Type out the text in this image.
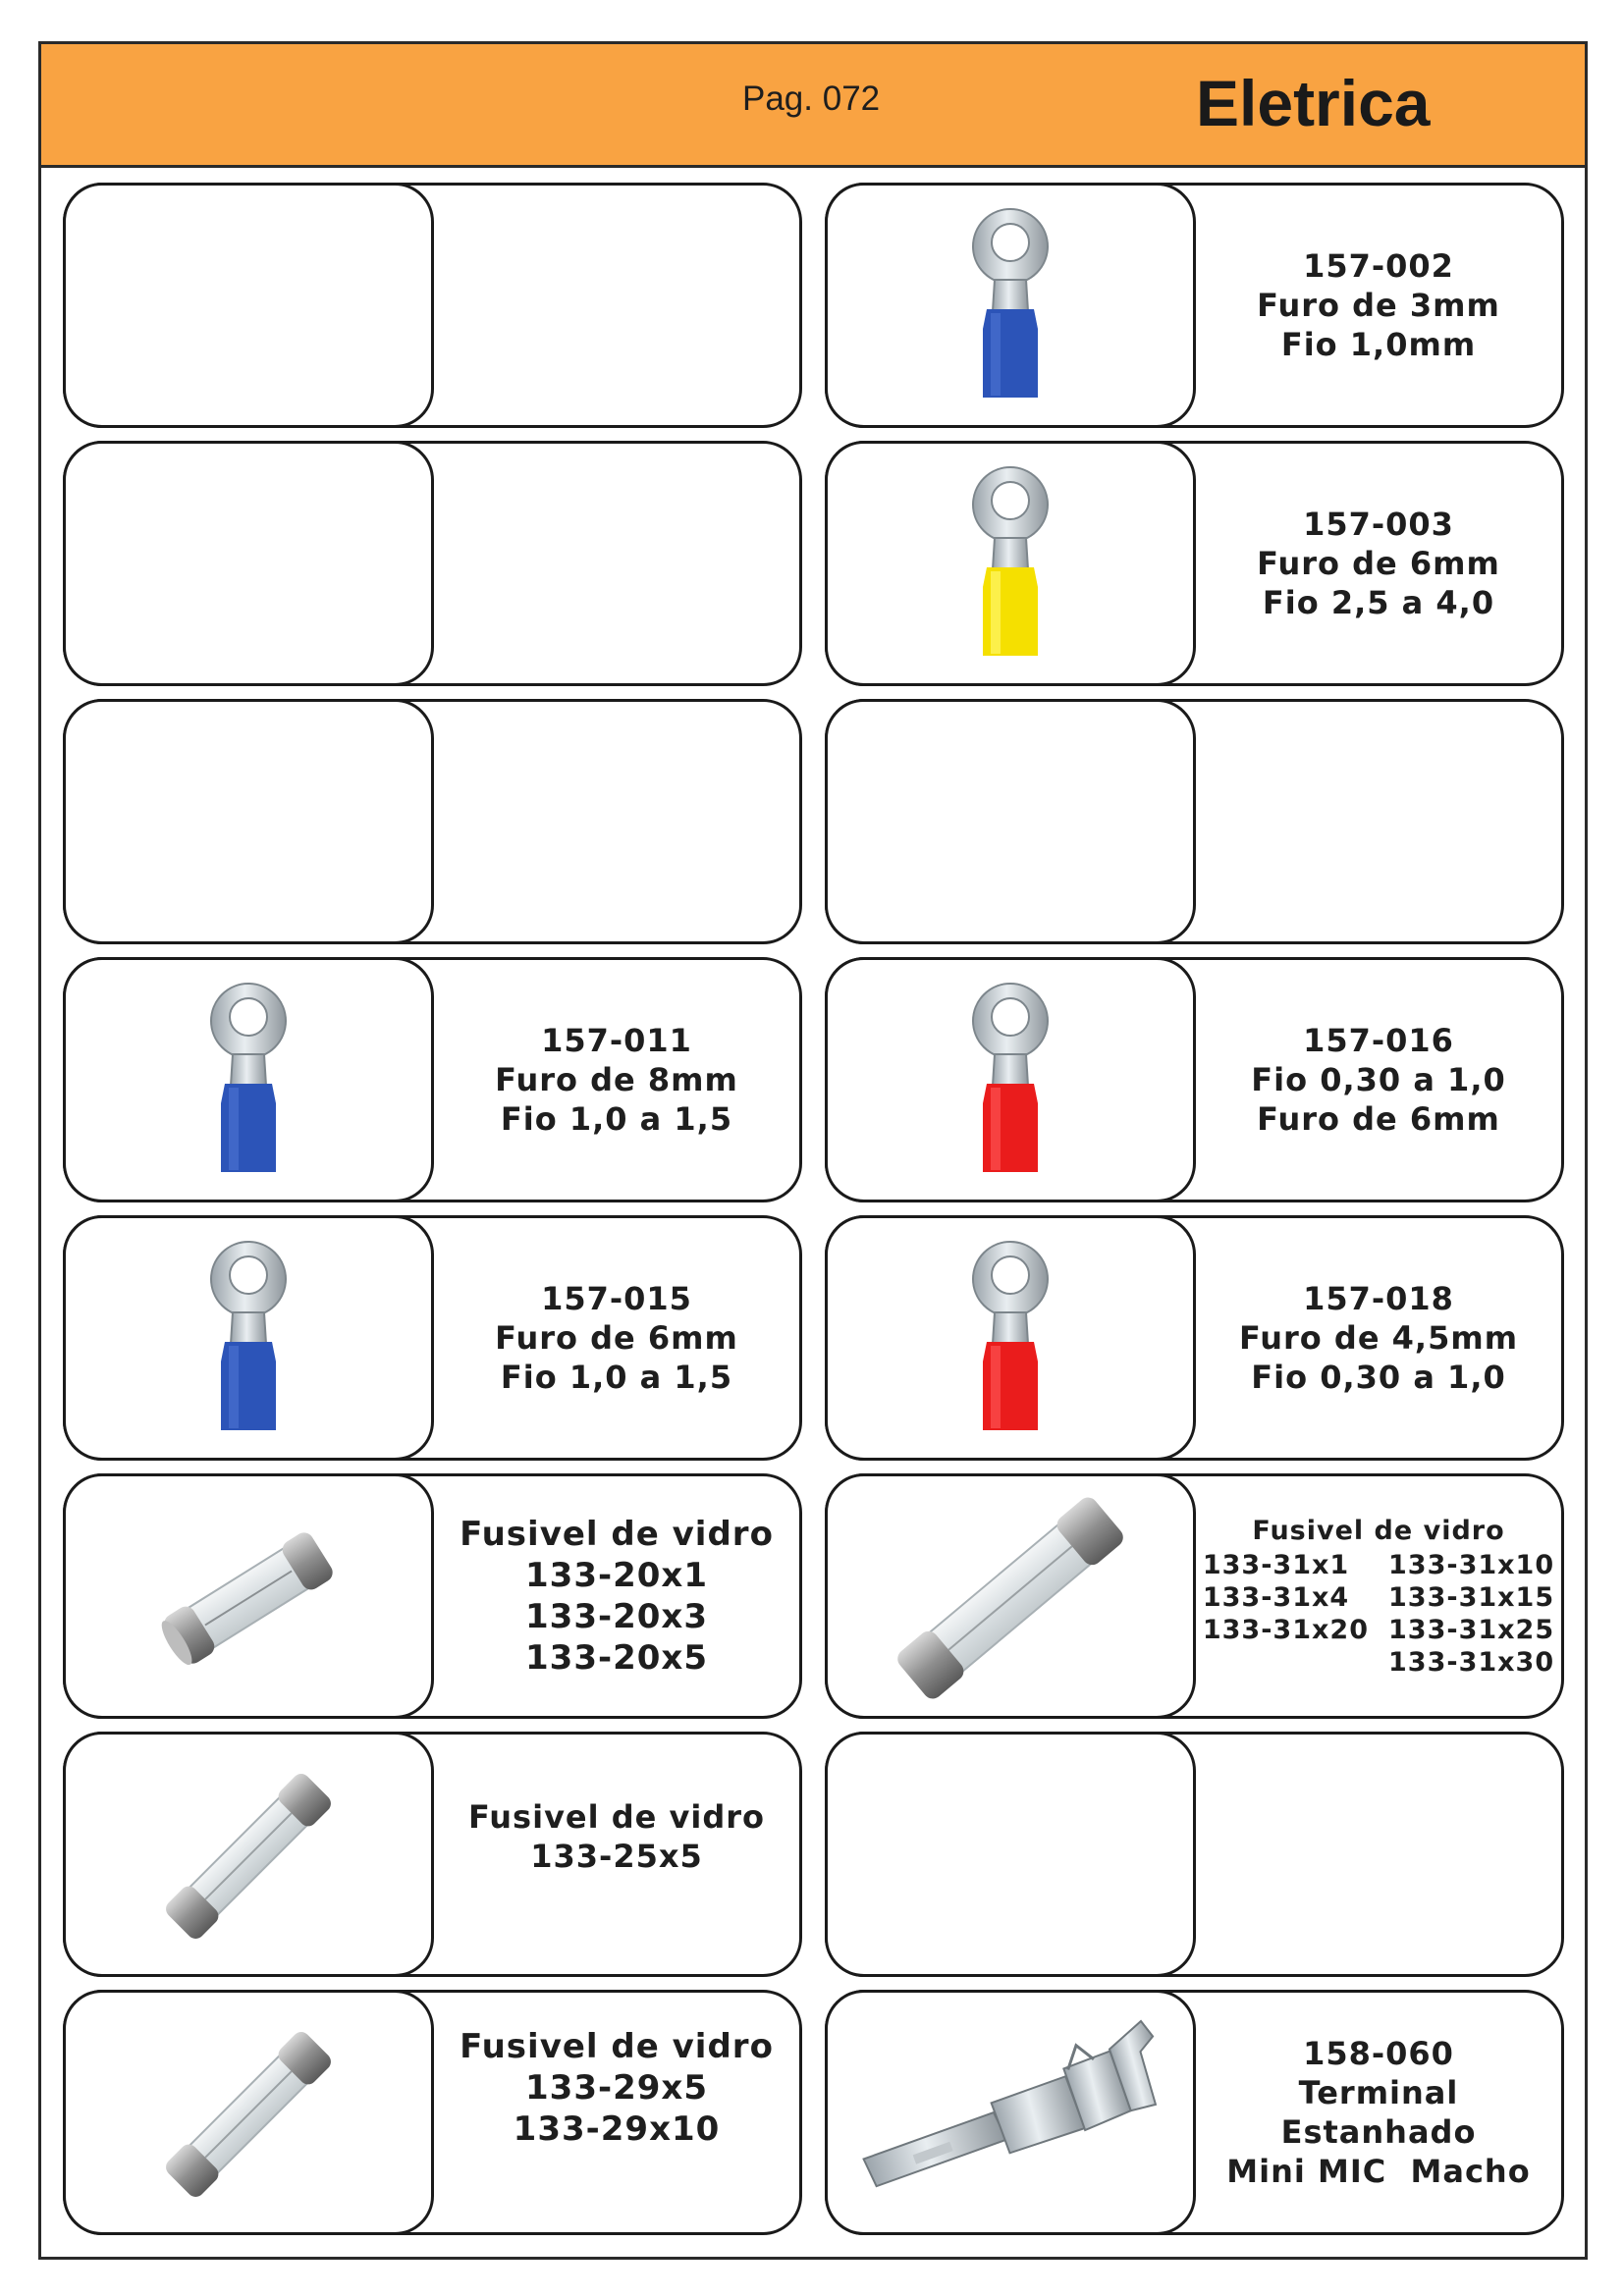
Pag. 072	Eletrica
157-002
Furo de 3mm
Fio 1,0mm
157-003
Furo de 6mm
Fio 2,5 a 4,0
157-011
Furo de 8mm
Fio 1,0 a 1,5
157-016
Fio 0,30 a 1,0
Furo de 6mm
157-015
Furo de 6mm
Fio 1,0 a 1,5
157-018
Furo de 4,5mm
Fio 0,30 a 1,0
Fusivel de vidro
133-20x1
133-20x3
133-20x5
Fusivel de vidro
133-31x1	133-31x10
133-31x4	133-31x15
133-31x20 133-31x25
133-31x30
Fusivel de vidro
133-25x5
Fusivel de vidro
133-29x5
133-29x10
158-060
Terminal Estanhado
Mini MIC  Macho
